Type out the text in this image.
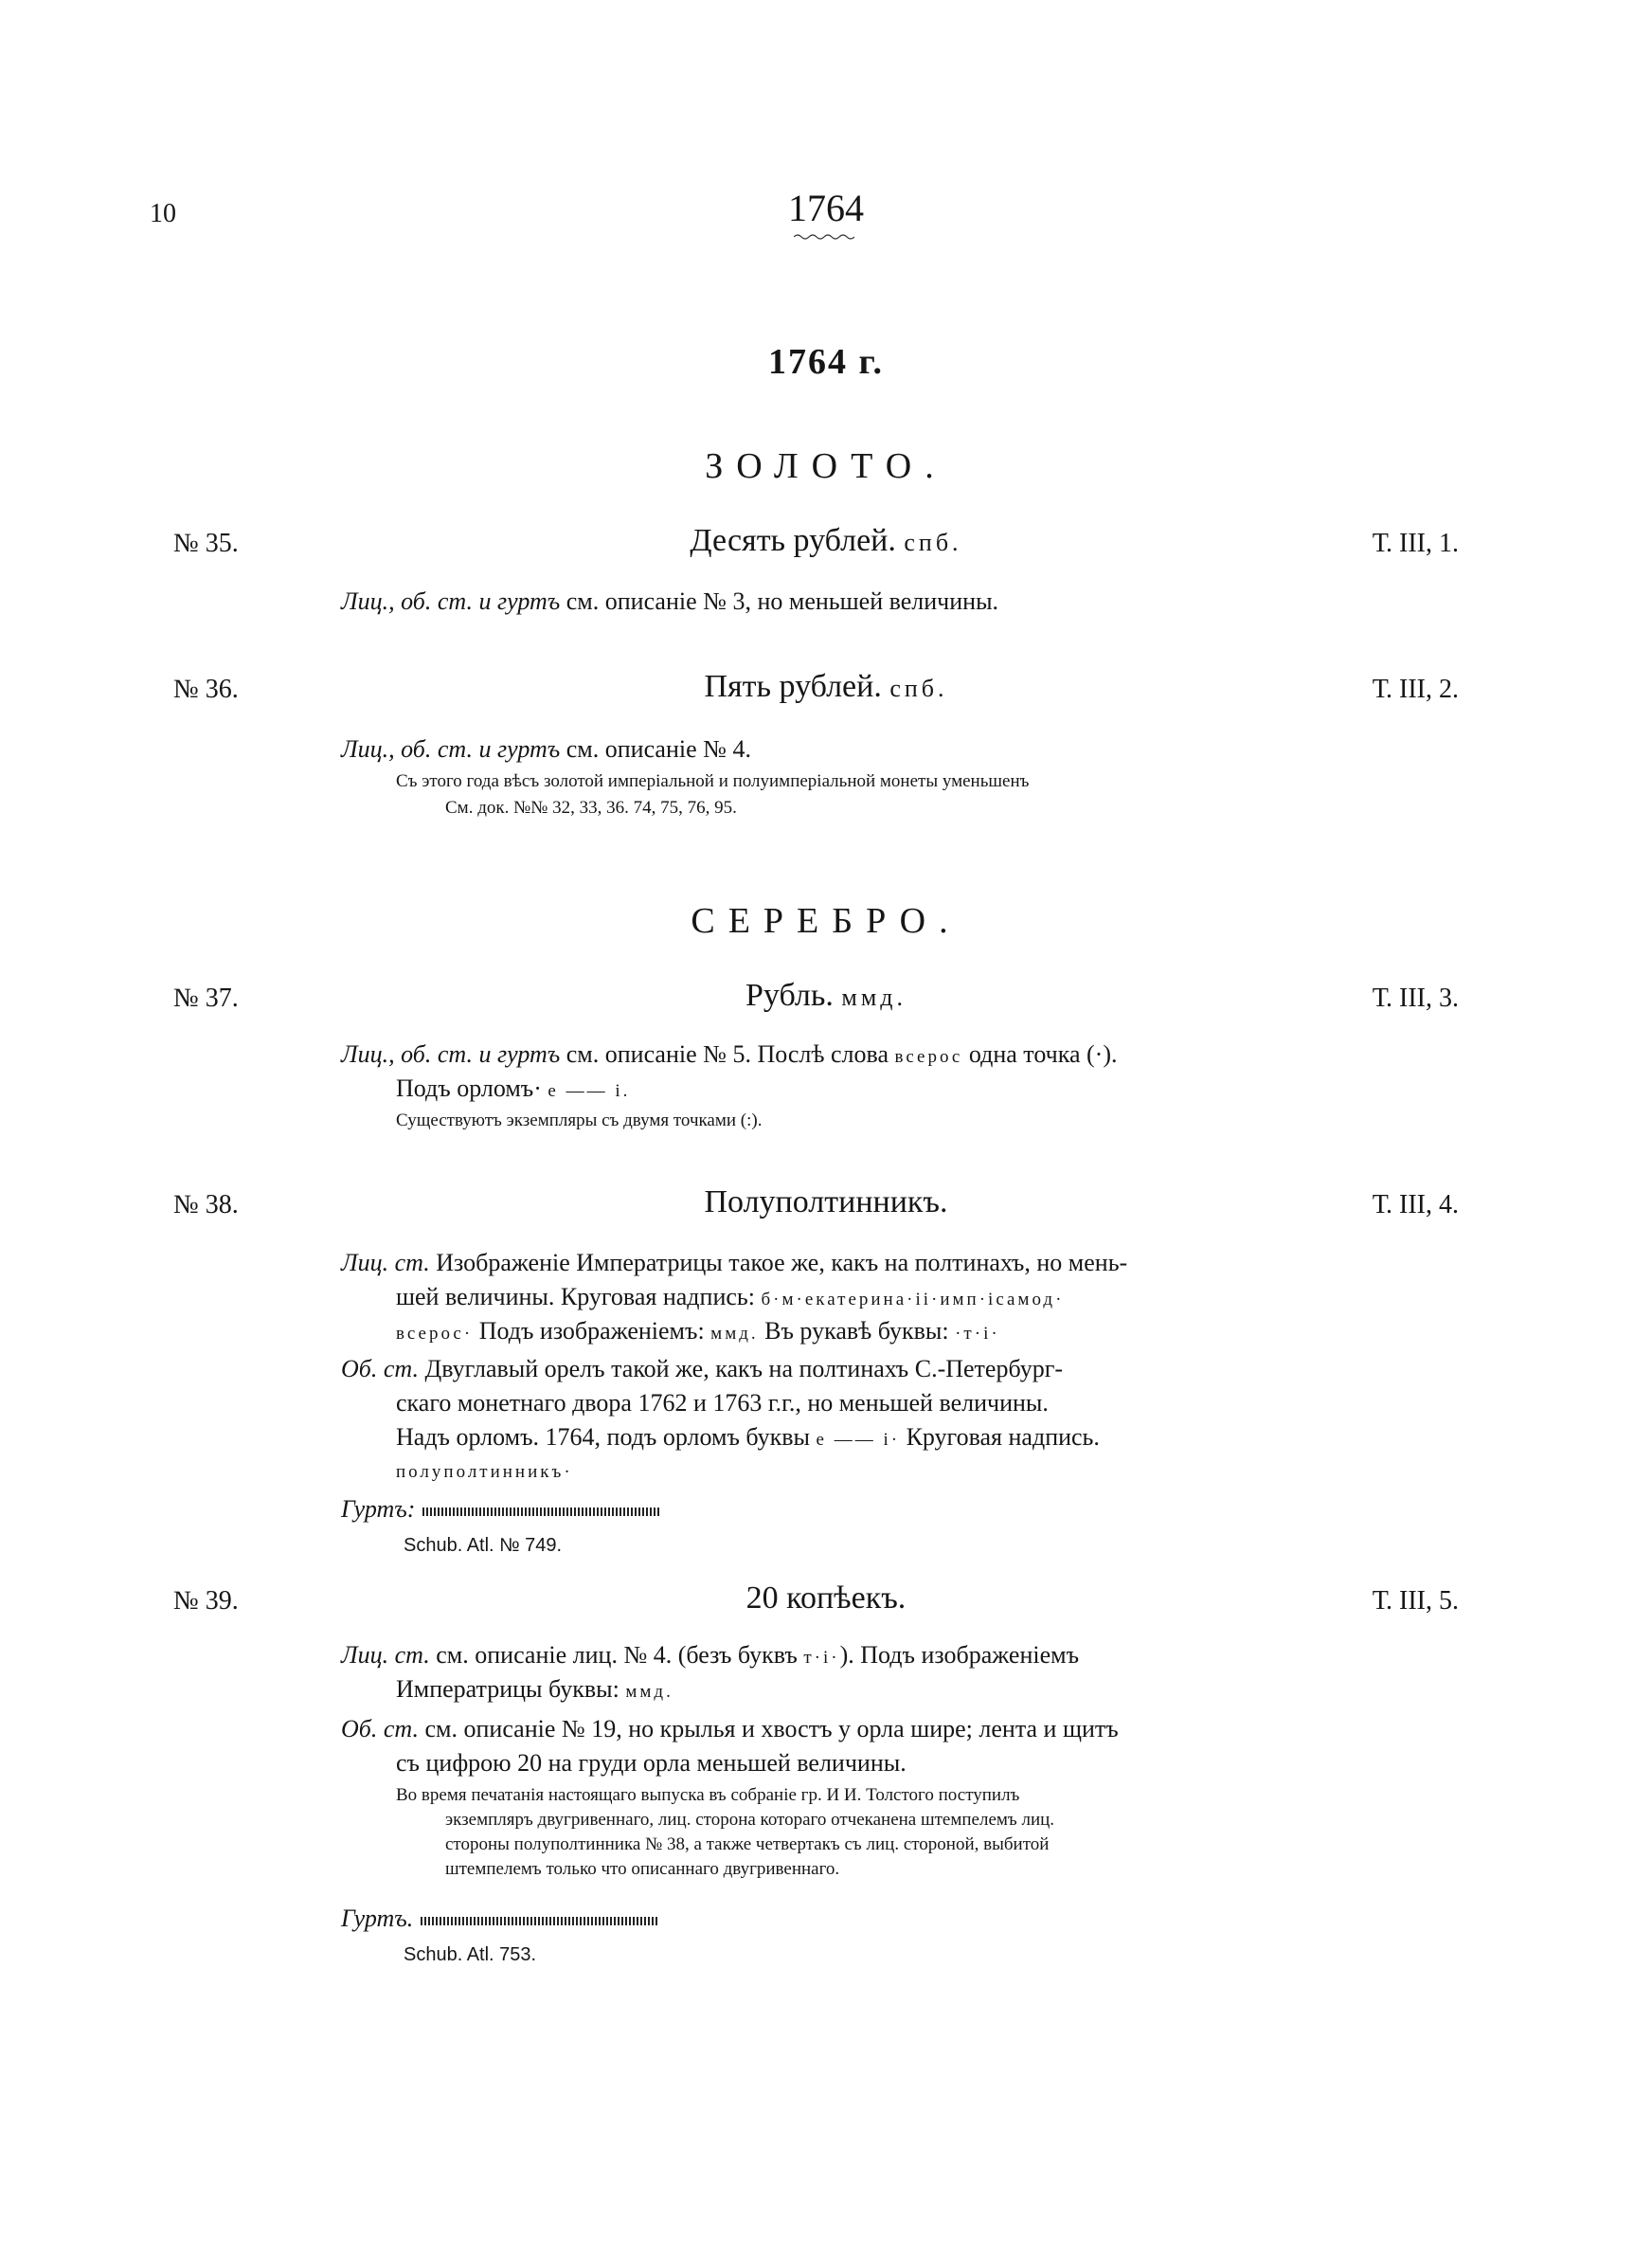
10	1764
1764 г.
ЗОЛОТО.
№ 35.	Десять рублей. спб.	Т. III, 1.
Лиц., об. ст. и гуртъ см. описаніе № 3, но меньшей величины.
№ 36.	Пять рублей. спб.	Т. III, 2.
Лиц., об. ст. и гуртъ см. описаніе № 4.
Съ этого года вѣсъ золотой имперіальной и полуимперіальной монеты уменьшенъ
См. док. №№ 32, 33, 36. 74, 75, 76, 95.
СЕРЕБРО.
№ 37.	Рубль. ммд.	Т. III, 3.
Лиц., об. ст. и гуртъ см. описаніе № 5. Послѣ слова всерос одна точка (·).
Подъ орломъ· е —— і.
Существуютъ экземпляры съ двумя точками (:).
№ 38.	Полуполтинникъ.	Т. III, 4.
Лиц. ст. Изображеніе Императрицы такое же, какъ на полтинахъ, но мень-
шей величины. Круговая надпись: б·м·екатерина·іі·имп·ісамод·
всерос· Подъ изображеніемъ: ммд. Въ рукавѣ буквы: ·т·і·
Об. ст. Двуглавый орелъ такой же, какъ на полтинахъ С.-Петербург-
скаго монетнаго двора 1762 и 1763 г.г., но меньшей величины.
Надъ орломъ. 1764, подъ орломъ буквы е —— і· Круговая надпись.
полуполтинникъ·
Гуртъ:
Schub. Atl. № 749.
№ 39.	20 копѣекъ.	Т. III, 5.
Лиц. ст. см. описаніе лиц. № 4. (безъ буквъ т·і·). Подъ изображеніемъ
Императрицы буквы: ммд.
Об. ст. см. описаніе № 19, но крылья и хвостъ у орла шире; лента и щитъ
съ цифрою 20 на груди орла меньшей величины.
Во время печатанія настоящаго выпуска въ собраніе гр. И И. Толстого поступилъ
экземпляръ двугривеннаго, лиц. сторона котораго отчеканена штемпелемъ лиц.
стороны полуполтинника № 38, а также четвертакъ съ лиц. стороной, выбитой
штемпелемъ только что описаннаго двугривеннаго.
Гуртъ.
Schub. Atl. 753.
